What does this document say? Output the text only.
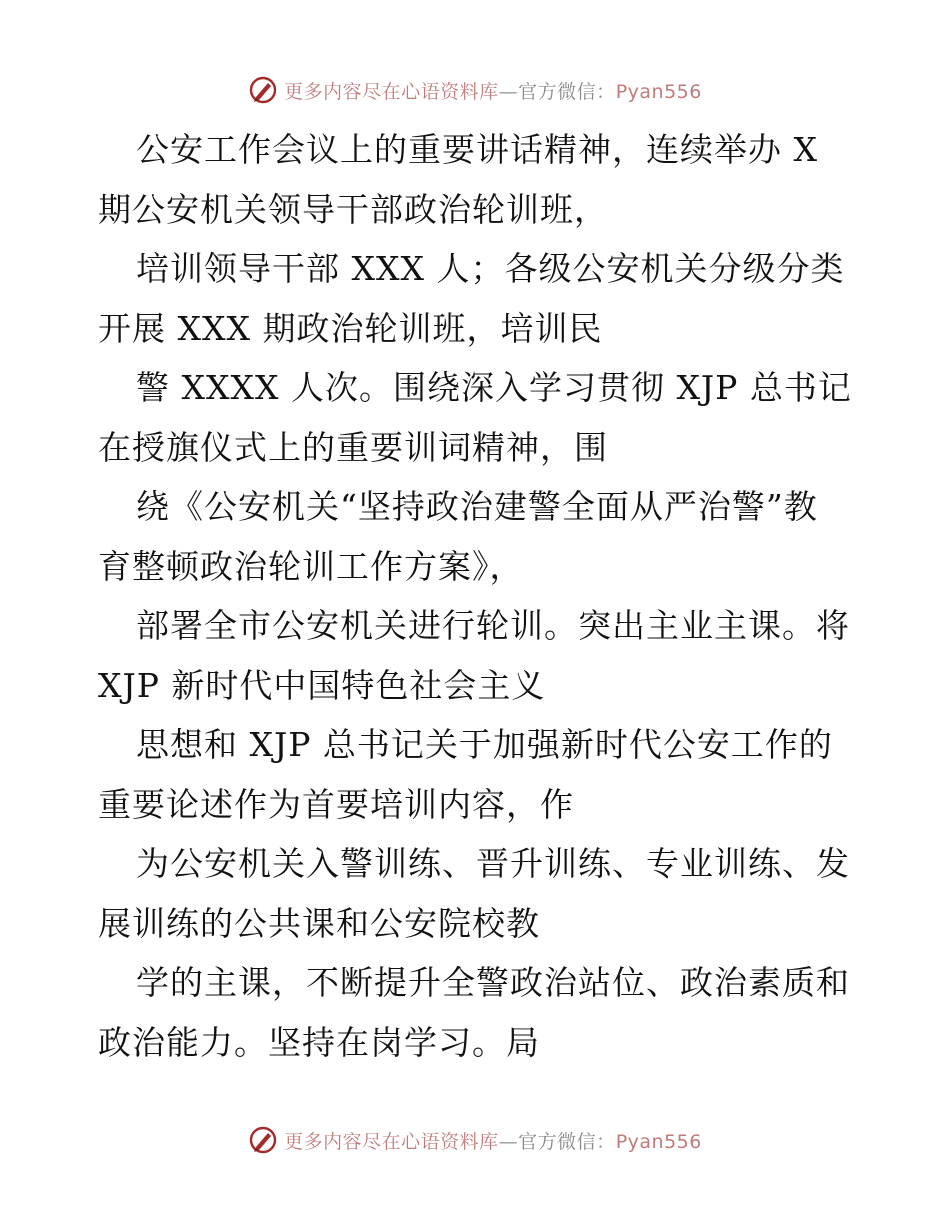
更多内容尽在心语资料库—官方微信：Pyan556
公安工作会议上的重要讲话精神，连续举办 X
期公安机关领导干部政治轮训班，
培训领导干部 XXX 人；各级公安机关分级分类
开展 XXX 期政治轮训班，培训民
警 XXXX 人次。围绕深入学习贯彻 XJP 总书记
在授旗仪式上的重要训词精神，围
绕《公安机关“坚持政治建警全面从严治警”教
育整顿政治轮训工作方案》，
部署全市公安机关进行轮训。突出主业主课。将
XJP 新时代中国特色社会主义
思想和 XJP 总书记关于加强新时代公安工作的
重要论述作为首要培训内容，作
为公安机关入警训练、晋升训练、专业训练、发
展训练的公共课和公安院校教
学的主课，不断提升全警政治站位、政治素质和
政治能力。坚持在岗学习。局
更多内容尽在心语资料库—官方微信：Pyan556
